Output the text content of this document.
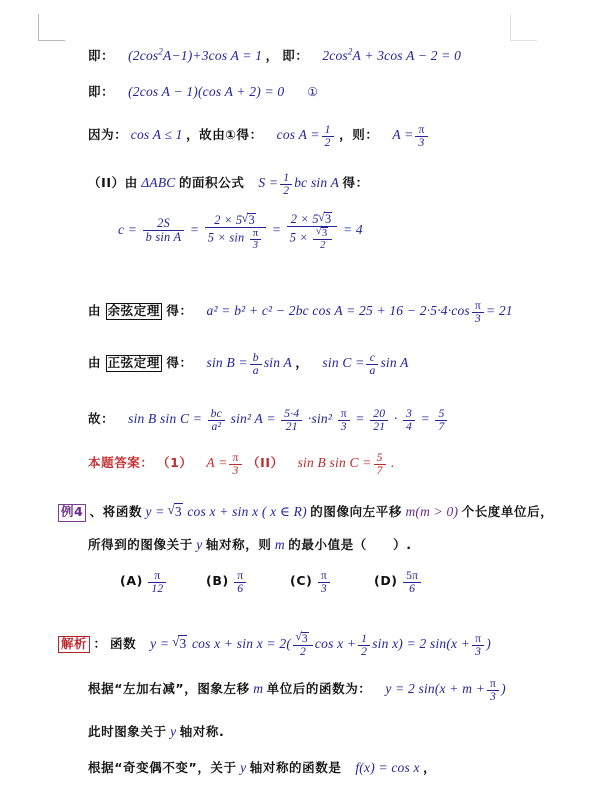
即： $(2\cos^2A-1)+3\cos$ A = 1 ， 即： $2\cos^2A + 3\cos$ A − 2 = 0
即： (2cos A − 1)(cos A + 2) = 0 ①
因为： cos A ≤ 1 ，故由①得： $\cos A = \frac{1}{2}$ ，则： $A = \frac{\pi}{3}$
（II）由 ΔABC 的面积公式 $S = \frac{1}{2}$ bc sin A 得：
$c = \frac{2S}{\text{b sin A}} = \frac{2 \times 5 √ 3}{5 \times \sin \frac{\pi}{3}} = \frac{2 \times 5 √ 3}{5 \times √ \frac{3}{2}} = 4$
由 余弦定理 得： a² = b² + c² − 2bc $\cos A = 25 + 16 - 2\cdot 5\cdot 4\cdot\cos \frac{\pi}{3} = 21$
由 正弦定理 得： $\sin B = \frac{b}{a}$ sin A ， $\sin C = \frac{c}{a}$ sin A
故： sin B $\sin C = \frac{bc}{\text{a²}} \sin^2$ $A = \frac{5\cdot 4}{21} \cdot\sin^2 \frac{\pi}{3} = \frac{20}{21} \cdot \frac{3}{4} = \frac{5}{7}$
本题答案： （1） $A = \frac{\pi}{3} (II)$ sin B $\sin C = \frac{5}{7}$ .
例4 、将函数 y = √ 3 cos x + sin x ( x ∈ R) 的图像向左平移 m(m > 0) 个长度单位后，
所得到的图像关于 y 轴对称，则 m 的最小值是（　　）.
$(A) \frac{\pi}{12}$	$(B) \frac{\pi}{6}$	$(C) \frac{\pi}{3}$	$(D) \frac{5\pi}{6}$
解析 ： 函数  y = √ 3 cos x + sin x = 2( √ $\frac{3}{2}$ $\cos x + \frac{1}{2}$ sin x) = 2 $\sin(x + \frac{\pi}{3}$ )
根据“左加右减”，图象左移 m 单位后的函数为： y = 2 $\sin(x + m + \frac{\pi}{3}$ )
此时图象关于 y 轴对称.
根据“奇变偶不变”，关于 y 轴对称的函数是 f(x) = cos x ，
